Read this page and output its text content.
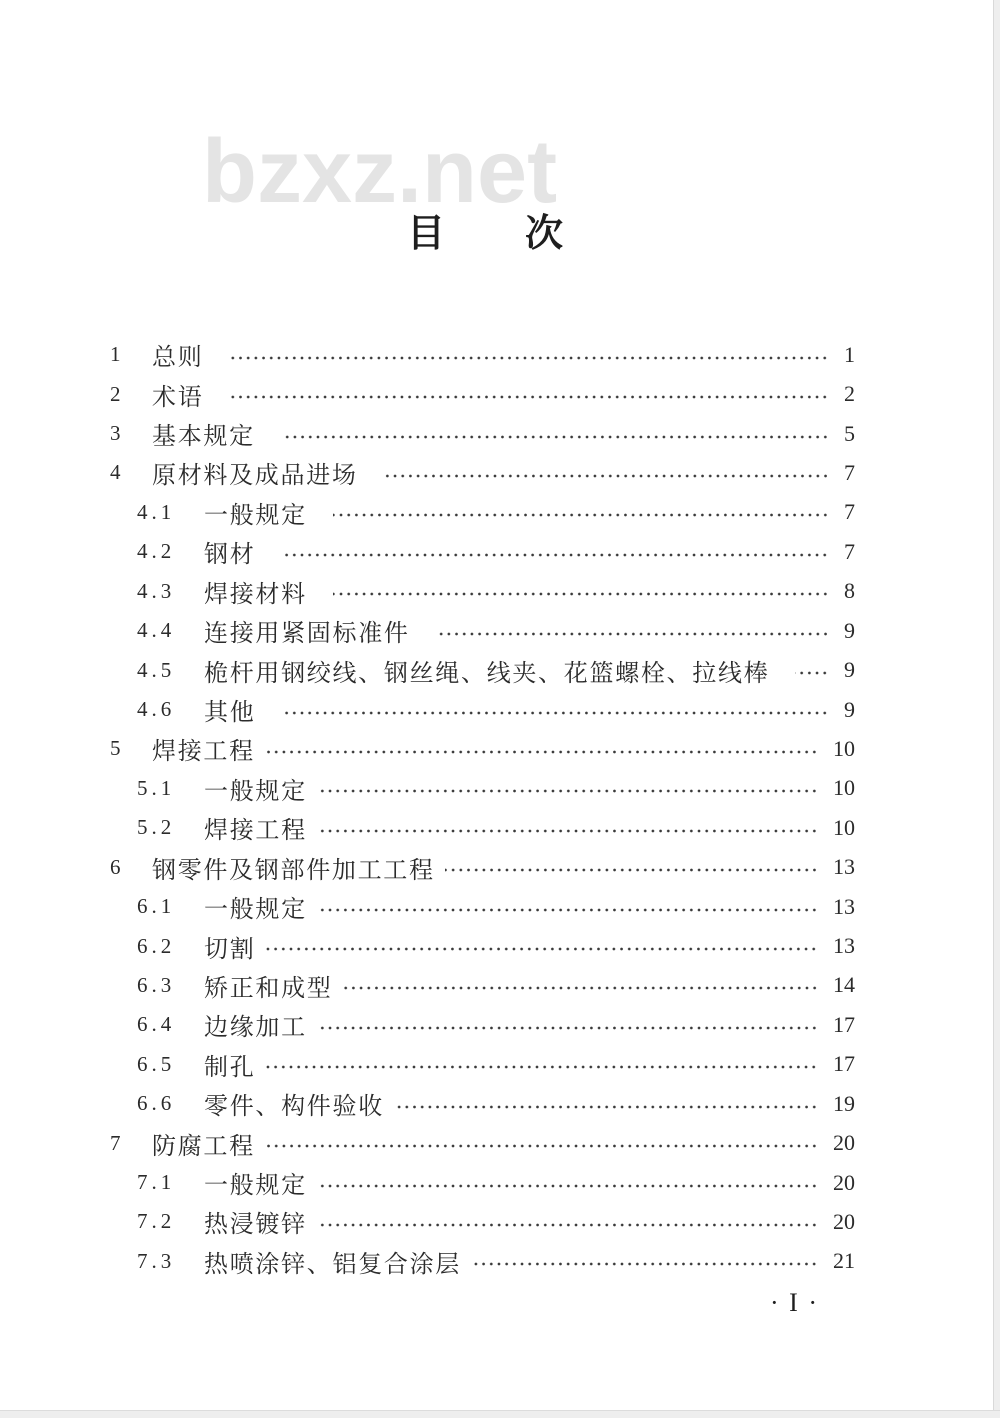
bzxz.net
目　次
1	总则	1
2	术语	2
3	基本规定	5
4	原材料及成品进场	7
4.1	一般规定	7
4.2	钢材	7
4.3	焊接材料	8
4.4	连接用紧固标准件	9
4.5	桅杆用钢绞线、钢丝绳、线夹、花篮螺栓、拉线棒	9
4.6	其他	9
5	焊接工程	10
5.1	一般规定	10
5.2	焊接工程	10
6	钢零件及钢部件加工工程	13
6.1	一般规定	13
6.2	切割	13
6.3	矫正和成型	14
6.4	边缘加工	17
6.5	制孔	17
6.6	零件、构件验收	19
7	防腐工程	20
7.1	一般规定	20
7.2	热浸镀锌	20
7.3	热喷涂锌、铝复合涂层	21
· I ·
